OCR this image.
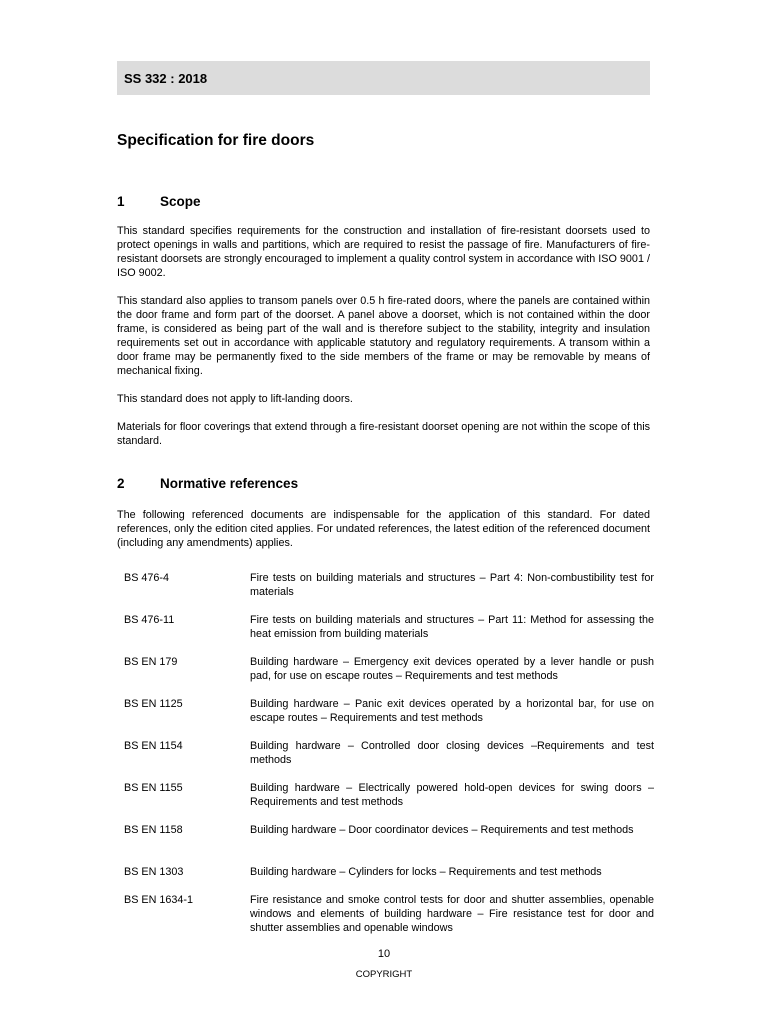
SS 332 : 2018
Specification for fire doors
1	Scope

This standard specifies requirements for the construction and installation of fire-resistant doorsets used to protect openings in walls and partitions, which are required to resist the passage of fire. Manufacturers of fire-resistant doorsets are strongly encouraged to implement a quality control system in accordance with ISO 9001 / ISO 9002.

This standard also applies to transom panels over 0.5 h fire-rated doors, where the panels are contained within the door frame and form part of the doorset. A panel above a doorset, which is not contained within the door frame, is considered as being part of the wall and is therefore subject to the stability, integrity and insulation requirements set out in accordance with applicable statutory and regulatory requirements. A transom within a door frame may be permanently fixed to the side members of the frame or may be removable by means of mechanical fixing.

This standard does not apply to lift-landing doors.

Materials for floor coverings that extend through a fire-resistant doorset opening are not within the scope of this standard.

2	Normative references

The following referenced documents are indispensable for the application of this standard. For dated references, only the edition cited applies. For undated references, the latest edition of the referenced document (including any amendments) applies.

BS 476-4	Fire tests on building materials and structures – Part 4: Non-combustibility test for materials
BS 476-11	Fire tests on building materials and structures – Part 11: Method for assessing the heat emission from building materials
BS EN 179	Building hardware – Emergency exit devices operated by a lever handle or push pad, for use on escape routes – Requirements and test methods
BS EN 1125	Building hardware – Panic exit devices operated by a horizontal bar, for use on escape routes – Requirements and test methods
BS EN 1154	Building hardware – Controlled door closing devices –Requirements and test methods
BS EN 1155	Building hardware – Electrically powered hold-open devices for swing doors – Requirements and test methods
BS EN 1158	Building hardware – Door coordinator devices – Requirements and test methods
BS EN 1303	Building hardware – Cylinders for locks – Requirements and test methods
BS EN 1634-1	Fire resistance and smoke control tests for door and shutter assemblies, openable windows and elements of building hardware – Fire resistance test for door and shutter assemblies and openable windows
10
COPYRIGHT
